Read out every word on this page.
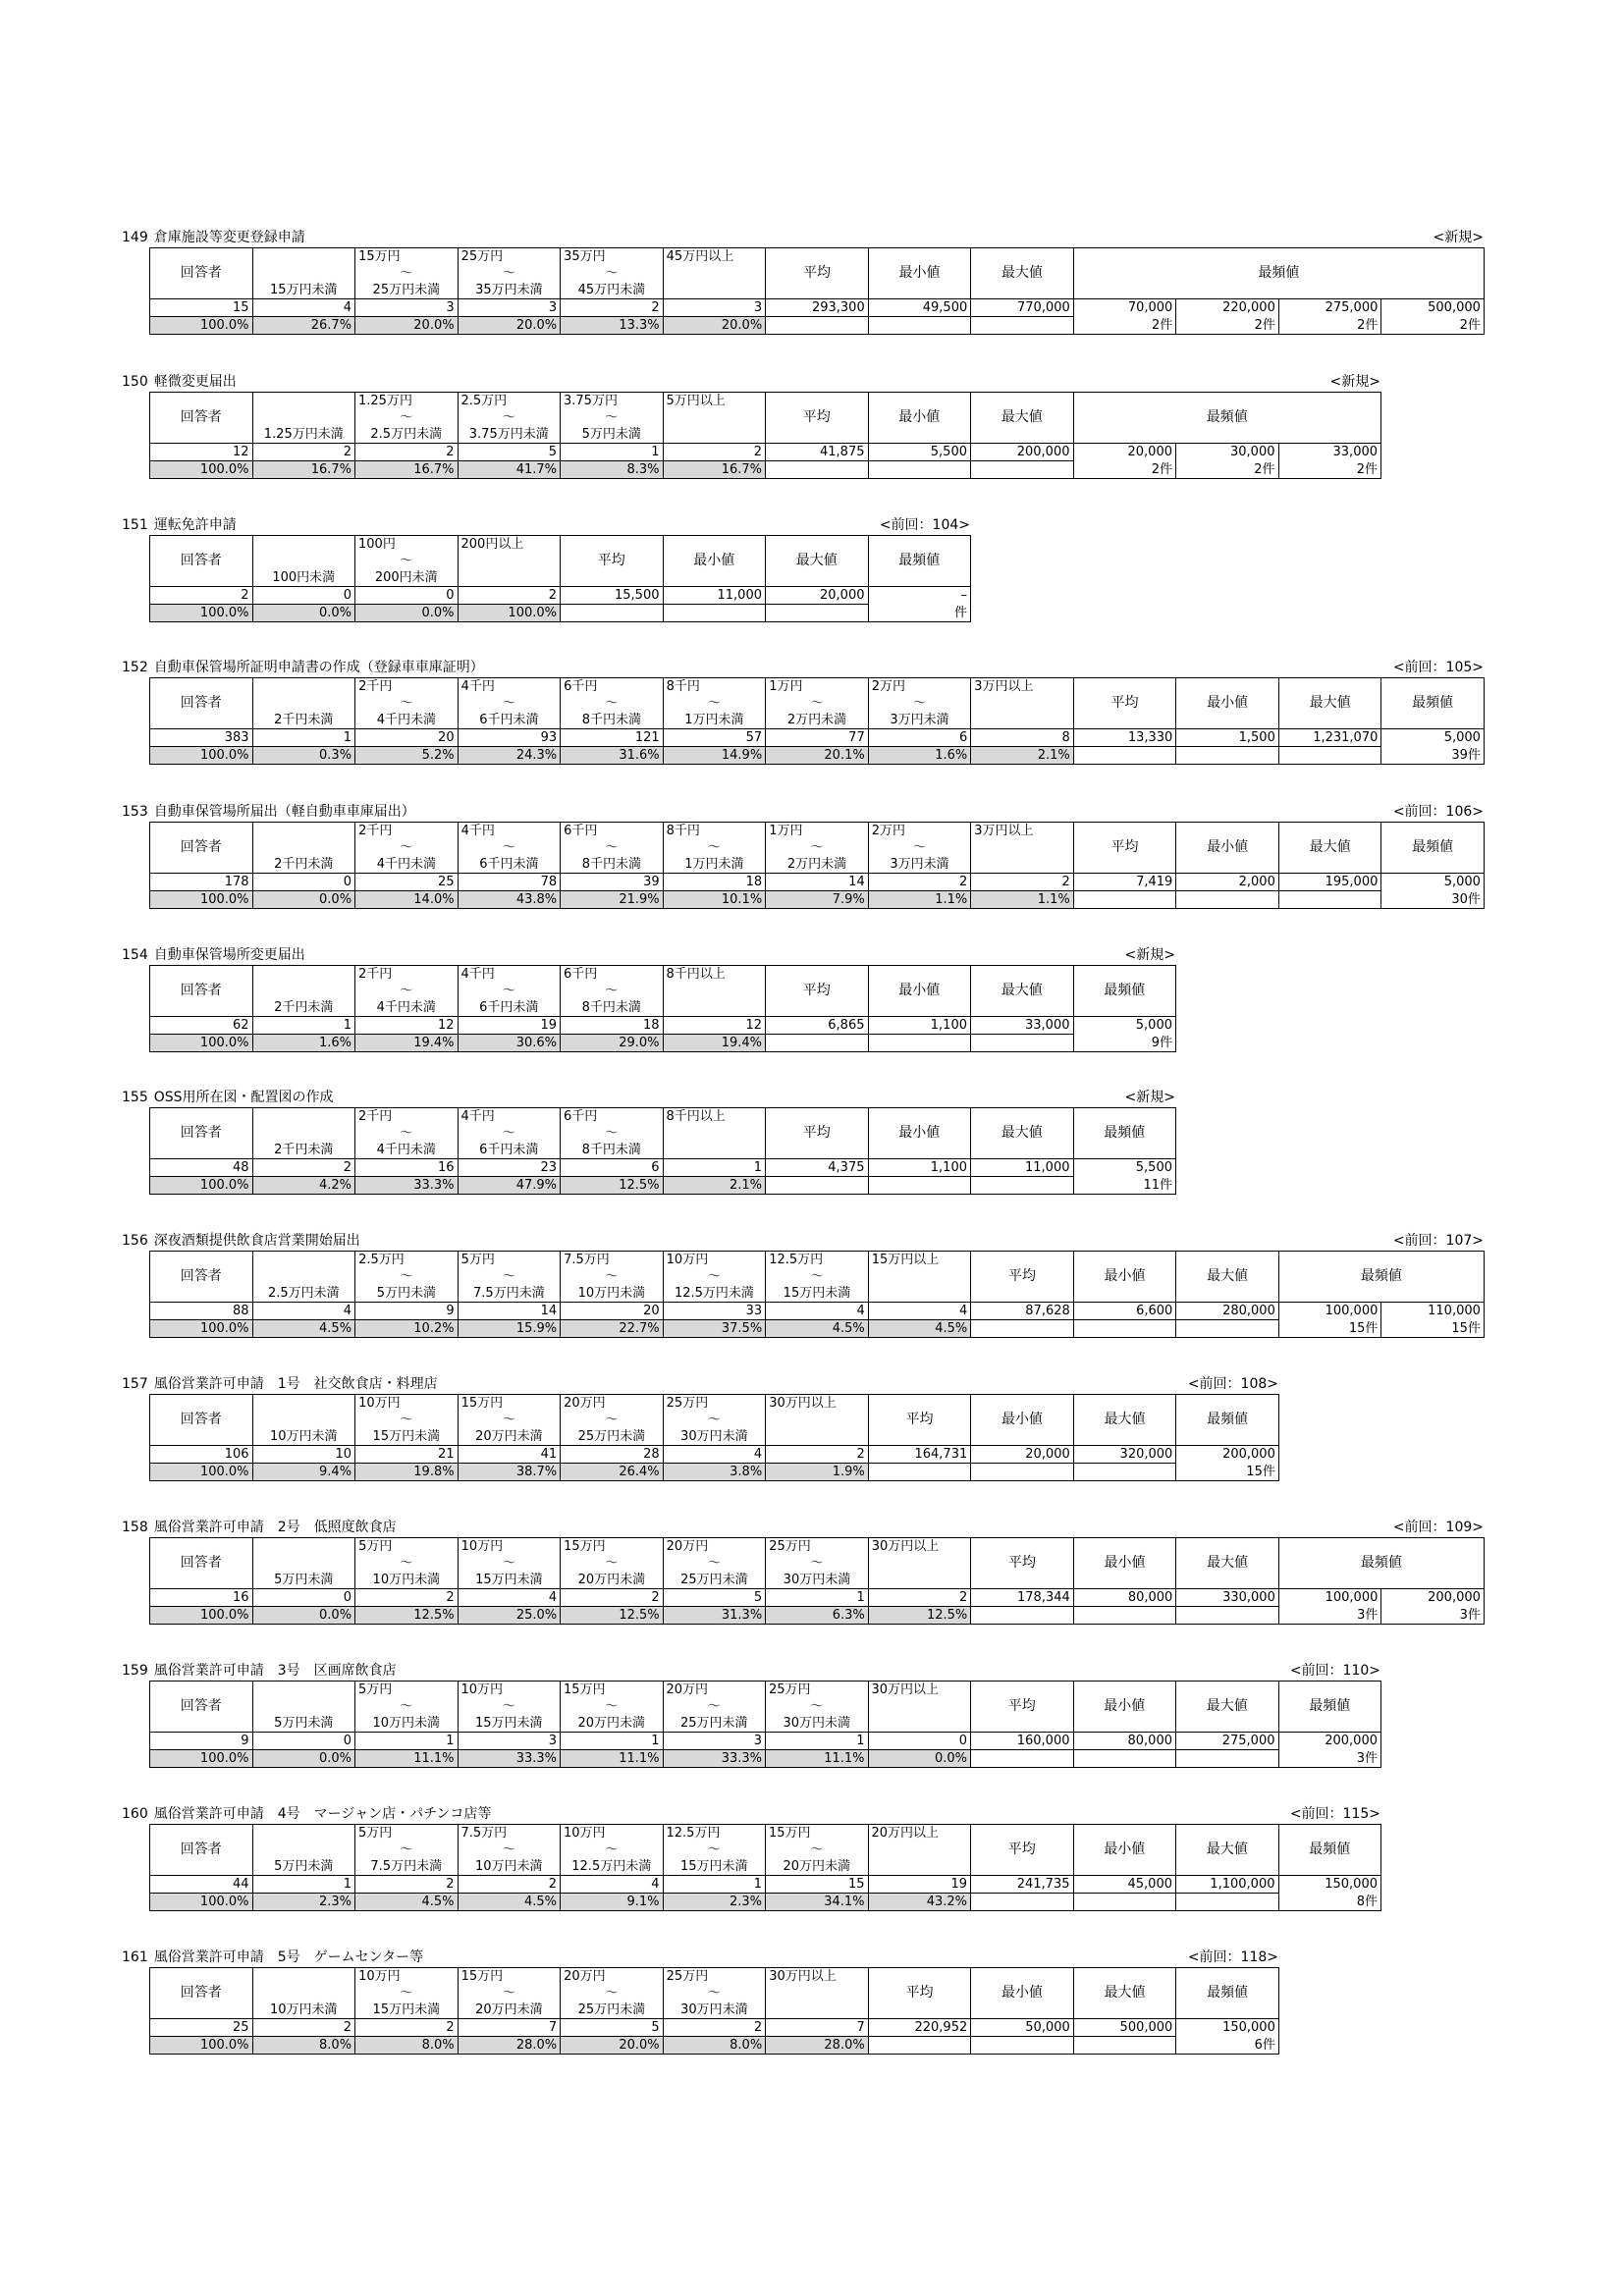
149 倉庫施設等変更登録申請	<新規>
回答者		15万円	25万円	35万円	45万円以上	平均	最小値	最大値	最頻値			
		〜	〜	〜								
	15万円未満	25万円未満	35万円未満	45万円未満								
15	4	3	3	2	3	293,300	49,500	770,000	70,000	220,000	275,000	500,000
100.0%	26.7%	20.0%	20.0%	13.3%	20.0%				2件	2件	2件	2件
150 軽微変更届出	<新規>
回答者		1.25万円	2.5万円	3.75万円	5万円以上	平均	最小値	最大値	最頻値		
		〜	〜	〜							
	1.25万円未満	2.5万円未満	3.75万円未満	5万円未満							
12	2	2	5	1	2	41,875	5,500	200,000	20,000	30,000	33,000
100.0%	16.7%	16.7%	41.7%	8.3%	16.7%				2件	2件	2件
151 運転免許申請	<前回：104>
回答者		100円	200円以上	平均	最小値	最大値	最頻値
		〜					
	100円未満	200円未満					
2	0	0	2	15,500	11,000	20,000	–
100.0%	0.0%	0.0%	100.0%				件
152 自動車保管場所証明申請書の作成（登録車車庫証明）	<前回：105>
回答者		2千円	4千円	6千円	8千円	1万円	2万円	3万円以上	平均	最小値	最大値	最頻値
		〜	〜	〜	〜	〜	〜					
	2千円未満	4千円未満	6千円未満	8千円未満	1万円未満	2万円未満	3万円未満					
383	1	20	93	121	57	77	6	8	13,330	1,500	1,231,070	5,000
100.0%	0.3%	5.2%	24.3%	31.6%	14.9%	20.1%	1.6%	2.1%				39件
153 自動車保管場所届出（軽自動車車庫届出）	<前回：106>
回答者		2千円	4千円	6千円	8千円	1万円	2万円	3万円以上	平均	最小値	最大値	最頻値
		〜	〜	〜	〜	〜	〜					
	2千円未満	4千円未満	6千円未満	8千円未満	1万円未満	2万円未満	3万円未満					
178	0	25	78	39	18	14	2	2	7,419	2,000	195,000	5,000
100.0%	0.0%	14.0%	43.8%	21.9%	10.1%	7.9%	1.1%	1.1%				30件
154 自動車保管場所変更届出	<新規>
回答者		2千円	4千円	6千円	8千円以上	平均	最小値	最大値	最頻値
		〜	〜	〜					
	2千円未満	4千円未満	6千円未満	8千円未満					
62	1	12	19	18	12	6,865	1,100	33,000	5,000
100.0%	1.6%	19.4%	30.6%	29.0%	19.4%				9件
155 OSS用所在図・配置図の作成	<新規>
回答者		2千円	4千円	6千円	8千円以上	平均	最小値	最大値	最頻値
		〜	〜	〜					
	2千円未満	4千円未満	6千円未満	8千円未満					
48	2	16	23	6	1	4,375	1,100	11,000	5,500
100.0%	4.2%	33.3%	47.9%	12.5%	2.1%				11件
156 深夜酒類提供飲食店営業開始届出	<前回：107>
回答者		2.5万円	5万円	7.5万円	10万円	12.5万円	15万円以上	平均	最小値	最大値	最頻値	
		〜	〜	〜	〜	〜						
	2.5万円未満	5万円未満	7.5万円未満	10万円未満	12.5万円未満	15万円未満						
88	4	9	14	20	33	4	4	87,628	6,600	280,000	100,000	110,000
100.0%	4.5%	10.2%	15.9%	22.7%	37.5%	4.5%	4.5%				15件	15件
157 風俗営業許可申請　1号　社交飲食店・料理店	<前回：108>
回答者		10万円	15万円	20万円	25万円	30万円以上	平均	最小値	最大値	最頻値
		〜	〜	〜	〜					
	10万円未満	15万円未満	20万円未満	25万円未満	30万円未満					
106	10	21	41	28	4	2	164,731	20,000	320,000	200,000
100.0%	9.4%	19.8%	38.7%	26.4%	3.8%	1.9%				15件
158 風俗営業許可申請　2号　低照度飲食店	<前回：109>
回答者		5万円	10万円	15万円	20万円	25万円	30万円以上	平均	最小値	最大値	最頻値	
		〜	〜	〜	〜	〜						
	5万円未満	10万円未満	15万円未満	20万円未満	25万円未満	30万円未満						
16	0	2	4	2	5	1	2	178,344	80,000	330,000	100,000	200,000
100.0%	0.0%	12.5%	25.0%	12.5%	31.3%	6.3%	12.5%				3件	3件
159 風俗営業許可申請　3号　区画席飲食店	<前回：110>
回答者		5万円	10万円	15万円	20万円	25万円	30万円以上	平均	最小値	最大値	最頻値
		〜	〜	〜	〜	〜					
	5万円未満	10万円未満	15万円未満	20万円未満	25万円未満	30万円未満					
9	0	1	3	1	3	1	0	160,000	80,000	275,000	200,000
100.0%	0.0%	11.1%	33.3%	11.1%	33.3%	11.1%	0.0%				3件
160 風俗営業許可申請　4号　マージャン店・パチンコ店等	<前回：115>
回答者		5万円	7.5万円	10万円	12.5万円	15万円	20万円以上	平均	最小値	最大値	最頻値
		〜	〜	〜	〜	〜					
	5万円未満	7.5万円未満	10万円未満	12.5万円未満	15万円未満	20万円未満					
44	1	2	2	4	1	15	19	241,735	45,000	1,100,000	150,000
100.0%	2.3%	4.5%	4.5%	9.1%	2.3%	34.1%	43.2%				8件
161 風俗営業許可申請　5号　ゲームセンター等	<前回：118>
回答者		10万円	15万円	20万円	25万円	30万円以上	平均	最小値	最大値	最頻値
		〜	〜	〜	〜					
	10万円未満	15万円未満	20万円未満	25万円未満	30万円未満					
25	2	2	7	5	2	7	220,952	50,000	500,000	150,000
100.0%	8.0%	8.0%	28.0%	20.0%	8.0%	28.0%				6件
